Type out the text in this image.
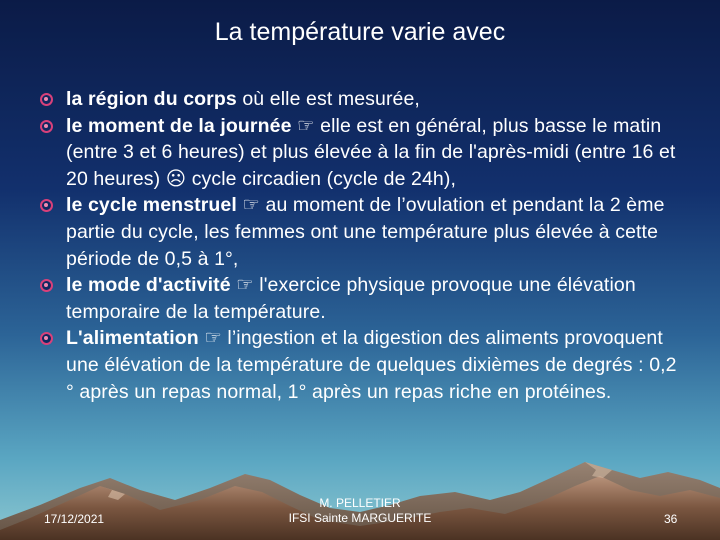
La température varie avec
la région du corps où elle est mesurée,
le moment de la journée ☞ elle est en général, plus basse le matin (entre 3 et 6 heures) et plus élevée à la fin de l'après-midi (entre 16 et 20 heures) ☹ cycle circadien (cycle de 24h),
le cycle menstruel ☞ au moment de l’ovulation et pendant la 2 ème partie du cycle, les femmes ont une température plus élevée à cette période de 0,5 à 1°,
le mode d'activité ☞ l'exercice physique provoque une élévation temporaire de la température.
L'alimentation ☞ l’ingestion et la digestion des aliments provoquent une élévation de la température de quelques dixièmes de degrés : 0,2 ° après un repas normal, 1° après un repas riche en protéines.
17/12/2021
M. PELLETIER
IFSI Sainte MARGUERITE	36
